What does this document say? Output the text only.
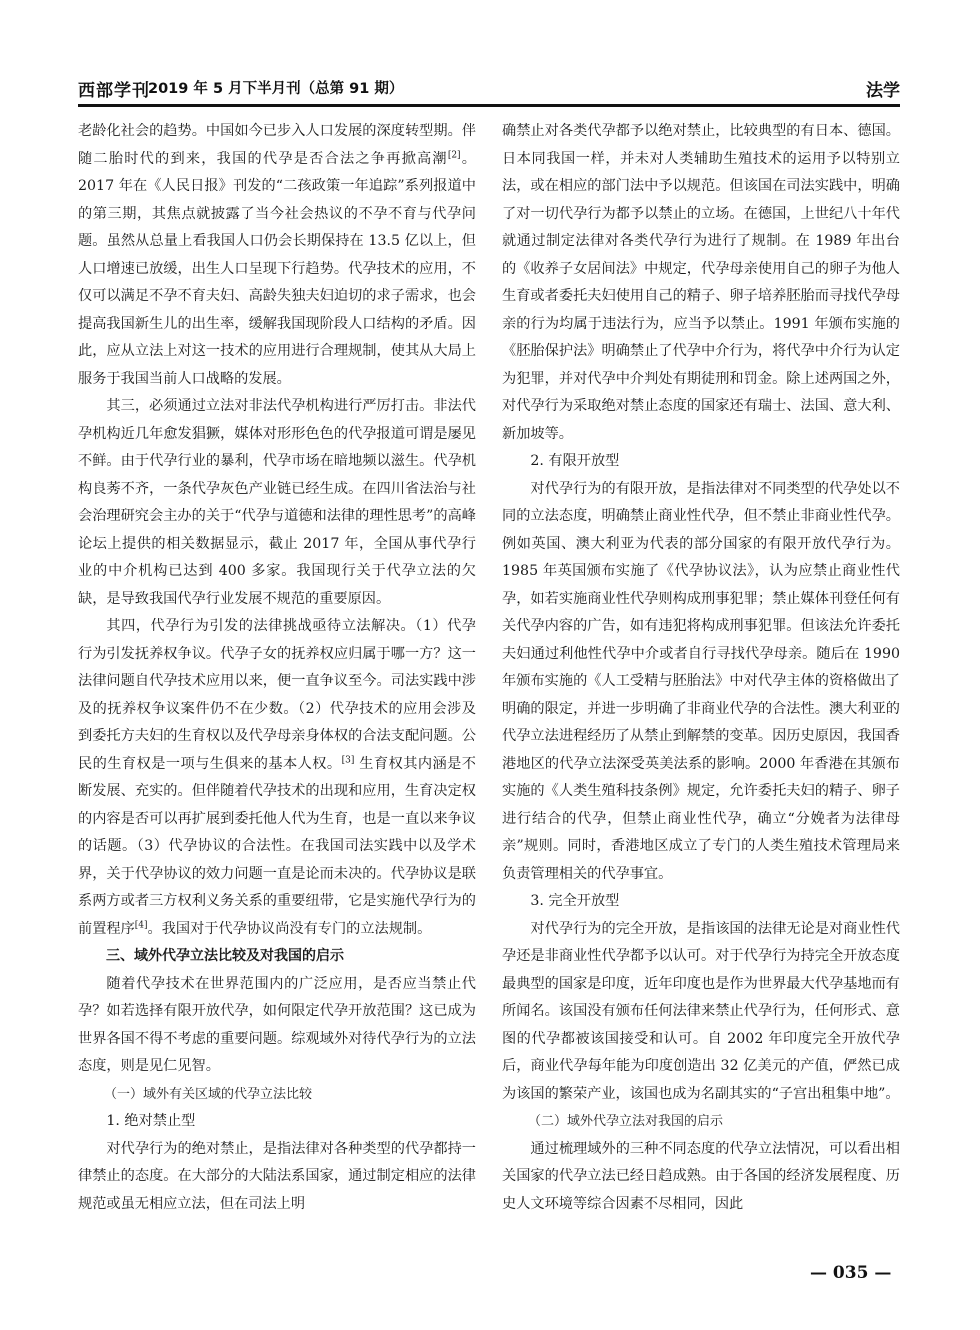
西部学刊
2019 年 5 月下半月刊（总第 91 期）	法学

老龄化社会的趋势。中国如今已步入人口发展的深度转型期。伴随二胎时代的到来，我国的代孕是否合法之争再掀高潮[2]。2017 年在《人民日报》刊发的“二孩政策一年追踪”系列报道中的第三期，其焦点就披露了当今社会热议的不孕不育与代孕问题。虽然从总量上看我国人口仍会长期保持在 13.5 亿以上，但人口增速已放缓，出生人口呈现下行趋势。代孕技术的应用，不仅可以满足不孕不育夫妇、高龄失独夫妇迫切的求子需求，也会提高我国新生儿的出生率，缓解我国现阶段人口结构的矛盾。因此，应从立法上对这一技术的应用进行合理规制，使其从大局上服务于我国当前人口战略的发展。

其三，必须通过立法对非法代孕机构进行严厉打击。非法代孕机构近几年愈发猖獗，媒体对形形色色的代孕报道可谓是屡见不鲜。由于代孕行业的暴利，代孕市场在暗地频以滋生。代孕机构良莠不齐，一条代孕灰色产业链已经生成。在四川省法治与社会治理研究会主办的关于“代孕与道德和法律的理性思考”的高峰论坛上提供的相关数据显示，截止 2017 年，全国从事代孕行业的中介机构已达到 400 多家。我国现行关于代孕立法的欠缺，是导致我国代孕行业发展不规范的重要原因。

其四，代孕行为引发的法律挑战亟待立法解决。（1）代孕行为引发抚养权争议。代孕子女的抚养权应归属于哪一方？这一法律问题自代孕技术应用以来，便一直争议至今。司法实践中涉及的抚养权争议案件仍不在少数。（2）代孕技术的应用会涉及到委托方夫妇的生育权以及代孕母亲身体权的合法支配问题。公民的生育权是一项与生俱来的基本人权。[3] 生育权其内涵是不断发展、充实的。但伴随着代孕技术的出现和应用，生育决定权的内容是否可以再扩展到委托他人代为生育，也是一直以来争议的话题。（3）代孕协议的合法性。在我国司法实践中以及学术界，关于代孕协议的效力问题一直是论而未决的。代孕协议是联系两方或者三方权利义务关系的重要纽带，它是实施代孕行为的前置程序[4]。我国对于代孕协议尚没有专门的立法规制。

三、域外代孕立法比较及对我国的启示

随着代孕技术在世界范围内的广泛应用，是否应当禁止代孕？如若选择有限开放代孕，如何限定代孕开放范围？这已成为世界各国不得不考虑的重要问题。综观域外对待代孕行为的立法态度，则是见仁见智。

（一）域外有关区域的代孕立法比较

1. 绝对禁止型

对代孕行为的绝对禁止，是指法律对各种类型的代孕都持一律禁止的态度。在大部分的大陆法系国家，通过制定相应的法律规范或虽无相应立法，但在司法上明

确禁止对各类代孕都予以绝对禁止，比较典型的有日本、德国。日本同我国一样，并未对人类辅助生殖技术的运用予以特别立法，或在相应的部门法中予以规范。但该国在司法实践中，明确了对一切代孕行为都予以禁止的立场。在德国，上世纪八十年代就通过制定法律对各类代孕行为进行了规制。在 1989 年出台的《收养子女居间法》中规定，代孕母亲使用自己的卵子为他人生育或者委托夫妇使用自己的精子、卵子培养胚胎而寻找代孕母亲的行为均属于违法行为，应当予以禁止。1991 年颁布实施的《胚胎保护法》明确禁止了代孕中介行为，将代孕中介行为认定为犯罪，并对代孕中介判处有期徒刑和罚金。除上述两国之外，对代孕行为采取绝对禁止态度的国家还有瑞士、法国、意大利、新加坡等。

2. 有限开放型

对代孕行为的有限开放，是指法律对不同类型的代孕处以不同的立法态度，明确禁止商业性代孕，但不禁止非商业性代孕。例如英国、澳大利亚为代表的部分国家的有限开放代孕行为。1985 年英国颁布实施了《代孕协议法》，认为应禁止商业性代孕，如若实施商业性代孕则构成刑事犯罪；禁止媒体刊登任何有关代孕内容的广告，如有违犯将构成刑事犯罪。但该法允许委托夫妇通过利他性代孕中介或者自行寻找代孕母亲。随后在 1990 年颁布实施的《人工受精与胚胎法》中对代孕主体的资格做出了明确的限定，并进一步明确了非商业代孕的合法性。澳大利亚的代孕立法进程经历了从禁止到解禁的变革。因历史原因，我国香港地区的代孕立法深受英美法系的影响。2000 年香港在其颁布实施的《人类生殖科技条例》规定，允许委托夫妇的精子、卵子进行结合的代孕，但禁止商业性代孕，确立“分娩者为法律母亲”规则。同时，香港地区成立了专门的人类生殖技术管理局来负责管理相关的代孕事宜。

3. 完全开放型

对代孕行为的完全开放，是指该国的法律无论是对商业性代孕还是非商业性代孕都予以认可。对于代孕行为持完全开放态度最典型的国家是印度，近年印度也是作为世界最大代孕基地而有所闻名。该国没有颁布任何法律来禁止代孕行为，任何形式、意图的代孕都被该国接受和认可。自 2002 年印度完全开放代孕后，商业代孕每年能为印度创造出 32 亿美元的产值，俨然已成为该国的繁荣产业，该国也成为名副其实的“子宫出租集中地”。

（二）域外代孕立法对我国的启示

通过梳理域外的三种不同态度的代孕立法情况，可以看出相关国家的代孕立法已经日趋成熟。由于各国的经济发展程度、历史人文环境等综合因素不尽相同，因此

— 035 —
